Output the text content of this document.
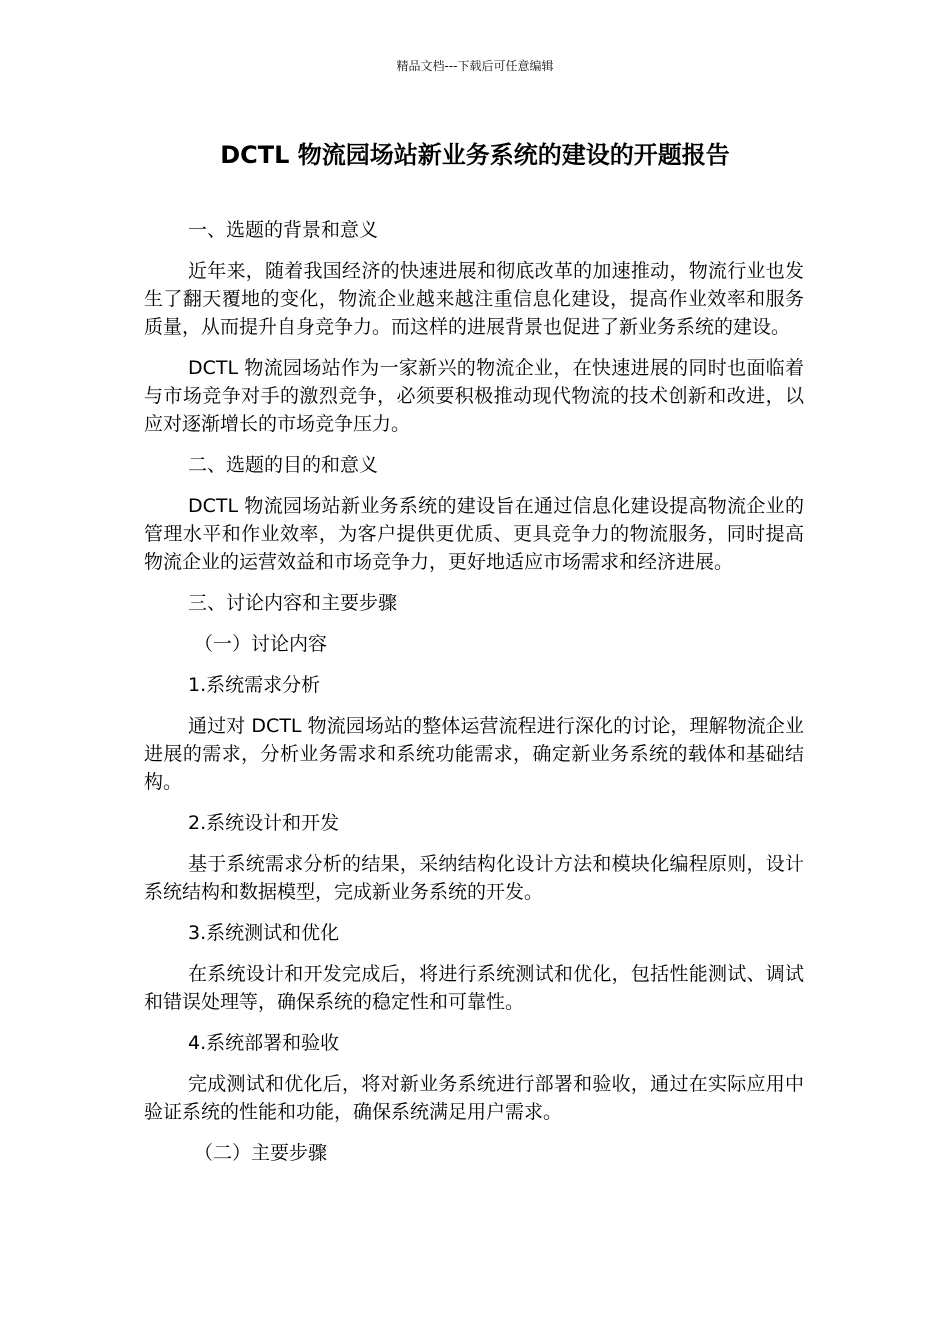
精品文档---下载后可任意编辑
DCTL 物流园场站新业务系统的建设的开题报告

一、选题的背景和意义

近年来，随着我国经济的快速进展和彻底改革的加速推动，物流行业也发生了翻天覆地的变化，物流企业越来越注重信息化建设，提高作业效率和服务质量，从而提升自身竞争力。而这样的进展背景也促进了新业务系统的建设。

DCTL 物流园场站作为一家新兴的物流企业，在快速进展的同时也面临着与市场竞争对手的激烈竞争，必须要积极推动现代物流的技术创新和改进，以应对逐渐增长的市场竞争压力。

二、选题的目的和意义

DCTL 物流园场站新业务系统的建设旨在通过信息化建设提高物流企业的管理水平和作业效率，为客户提供更优质、更具竞争力的物流服务，同时提高物流企业的运营效益和市场竞争力，更好地适应市场需求和经济进展。

三、讨论内容和主要步骤

（一）讨论内容

1.系统需求分析

通过对 DCTL 物流园场站的整体运营流程进行深化的讨论，理解物流企业进展的需求，分析业务需求和系统功能需求，确定新业务系统的载体和基础结构。

2.系统设计和开发

基于系统需求分析的结果，采纳结构化设计方法和模块化编程原则，设计系统结构和数据模型，完成新业务系统的开发。

3.系统测试和优化

在系统设计和开发完成后，将进行系统测试和优化，包括性能测试、调试和错误处理等，确保系统的稳定性和可靠性。

4.系统部署和验收

完成测试和优化后，将对新业务系统进行部署和验收，通过在实际应用中验证系统的性能和功能，确保系统满足用户需求。

（二）主要步骤
